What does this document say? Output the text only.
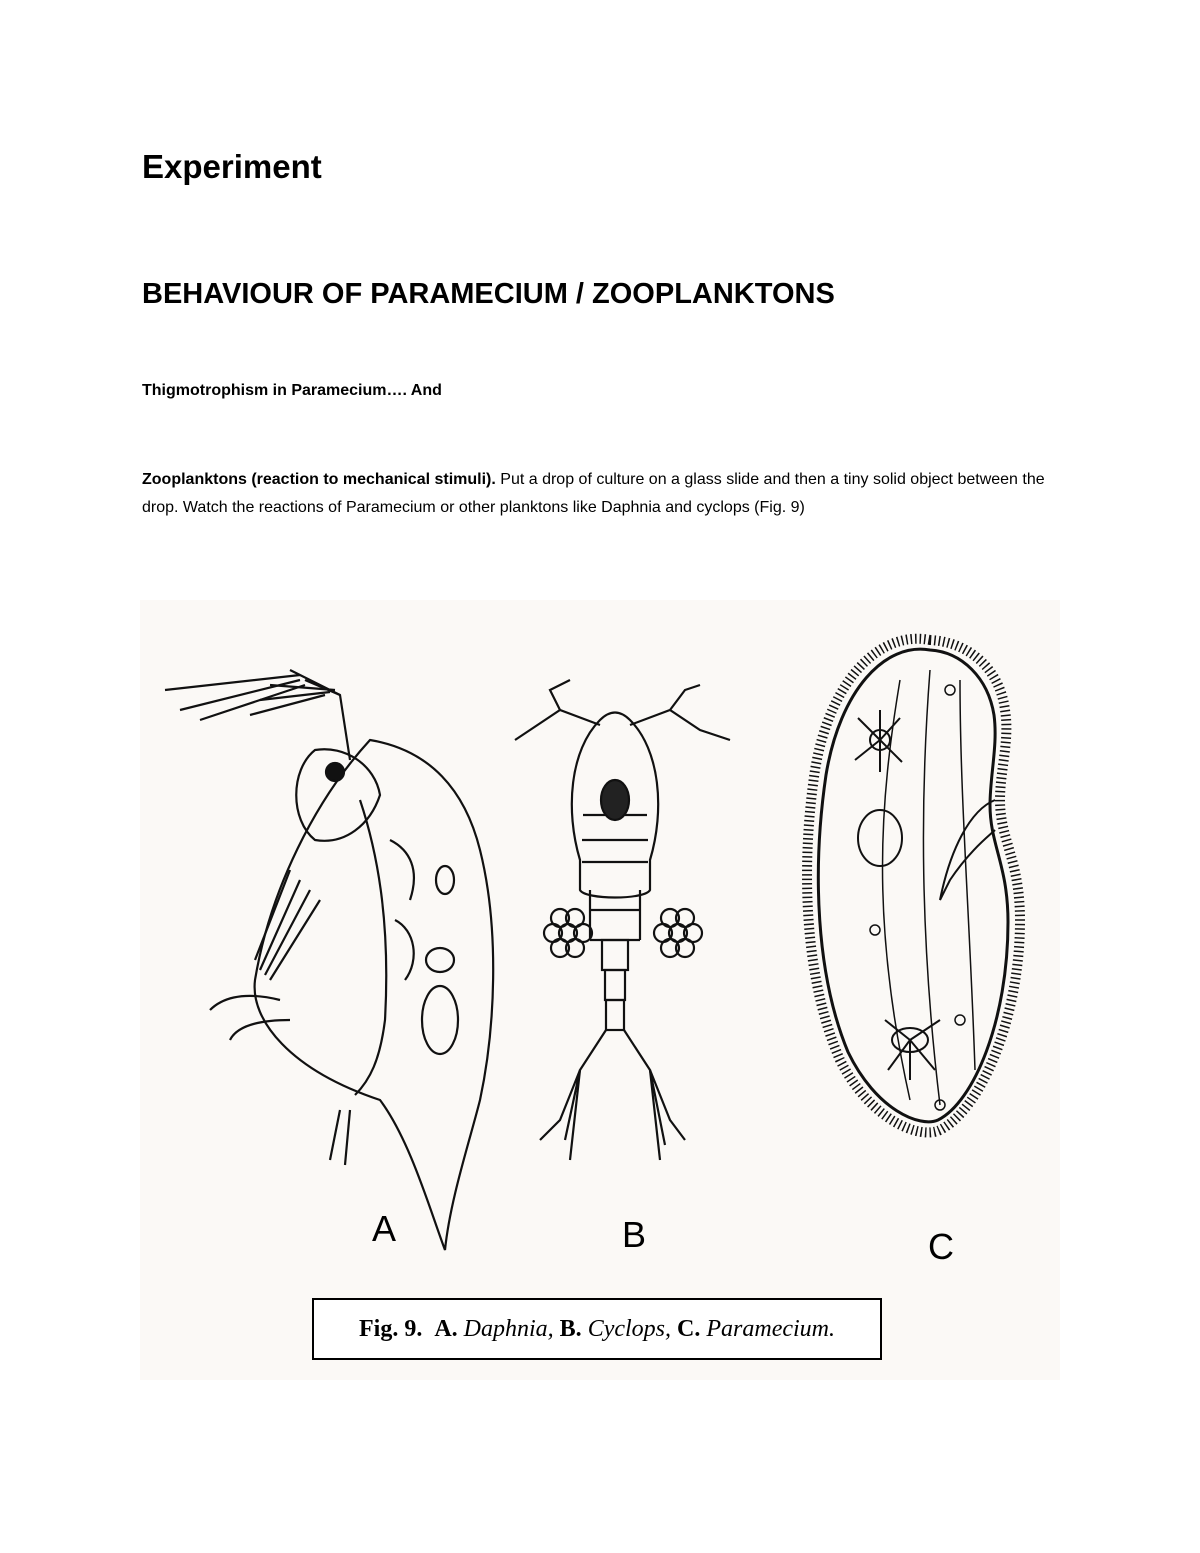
Experiment
BEHAVIOUR OF PARAMECIUM / ZOOPLANKTONS

Thigmotrophism in Paramecium…. And

Zooplanktons (reaction to mechanical stimuli). Put a drop of culture on a glass slide and then a tiny solid object between the drop. Watch the reactions of Paramecium or other planktons like Daphnia and cyclops (Fig. 9)

A	B	C
Fig. 9.
A.
Daphnia,
B.
Cyclops,
C.
Paramecium.
